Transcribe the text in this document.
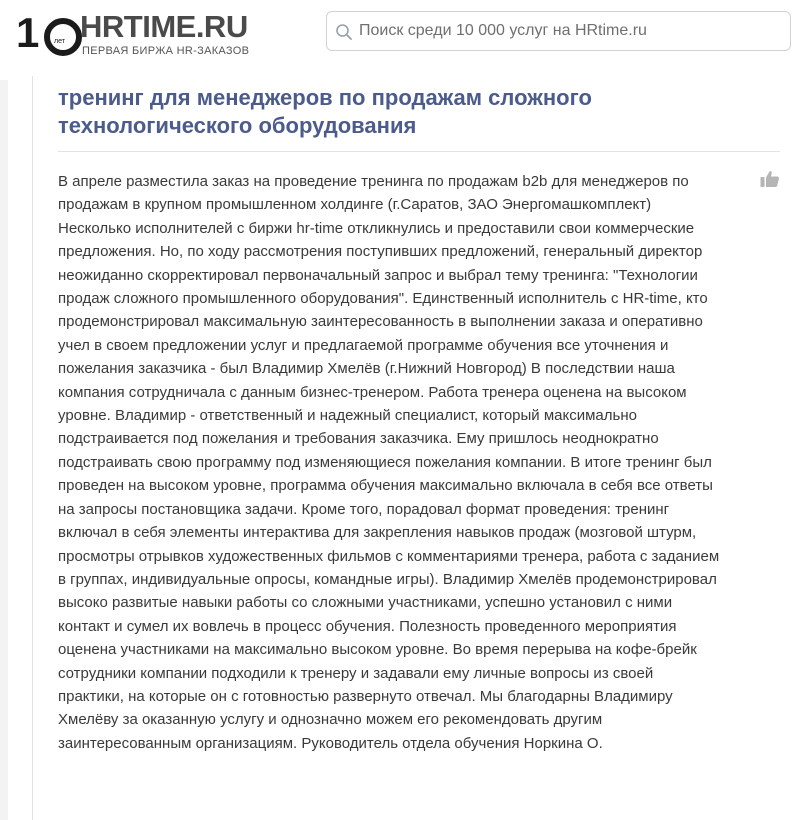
1 лет HRTIME.RU
ПЕРВАЯ БИРЖА HR-ЗАКАЗОВ
Поиск среди 10 000 услуг на HRtime.ru
тренинг для менеджеров по продажам сложного технологического оборудования

В апреле разместила заказ на проведение тренинга по продажам b2b для менеджеров по продажам в крупном промышленном холдинге (г.Саратов, ЗАО Энергомашкомплект) Несколько исполнителей с биржи hr-time откликнулись и предоставили свои коммерческие предложения. Но, по ходу рассмотрения поступивших предложений, генеральный директор неожиданно скорректировал первоначальный запрос и выбрал тему тренинга: "Технологии продаж сложного промышленного оборудования". Единственный исполнитель с HR-time, кто продемонстрировал максимальную заинтересованность в выполнении заказа и оперативно учел в своем предложении услуг и предлагаемой программе обучения все уточнения и пожелания заказчика - был Владимир Хмелёв (г.Нижний Новгород) В последствии наша компания сотрудничала с данным бизнес-тренером. Работа тренера оценена на высоком уровне. Владимир - ответственный и надежный специалист, который максимально подстраивается под пожелания и требования заказчика. Ему пришлось неоднократно подстраивать свою программу под изменяющиеся пожелания компании. В итоге тренинг был проведен на высоком уровне, программа обучения максимально включала в себя все ответы на запросы постановщика задачи. Кроме того, порадовал формат проведения: тренинг включал в себя элементы интерактива для закрепления навыков продаж (мозговой штурм, просмотры отрывков художественных фильмов с комментариями тренера, работа с заданием в группах, индивидуальные опросы, командные игры). Владимир Хмелёв продемонстрировал высоко развитые навыки работы со сложными участниками, успешно установил с ними контакт и сумел их вовлечь в процесс обучения. Полезность проведенного мероприятия оценена участниками на максимально высоком уровне. Во время перерыва на кофе-брейк сотрудники компании подходили к тренеру и задавали ему личные вопросы из своей практики, на которые он с готовностью развернуто отвечал. Мы благодарны Владимиру Хмелёву за оказанную услугу и однозначно можем его рекомендовать другим заинтересованным организациям. Руководитель отдела обучения Норкина О.
